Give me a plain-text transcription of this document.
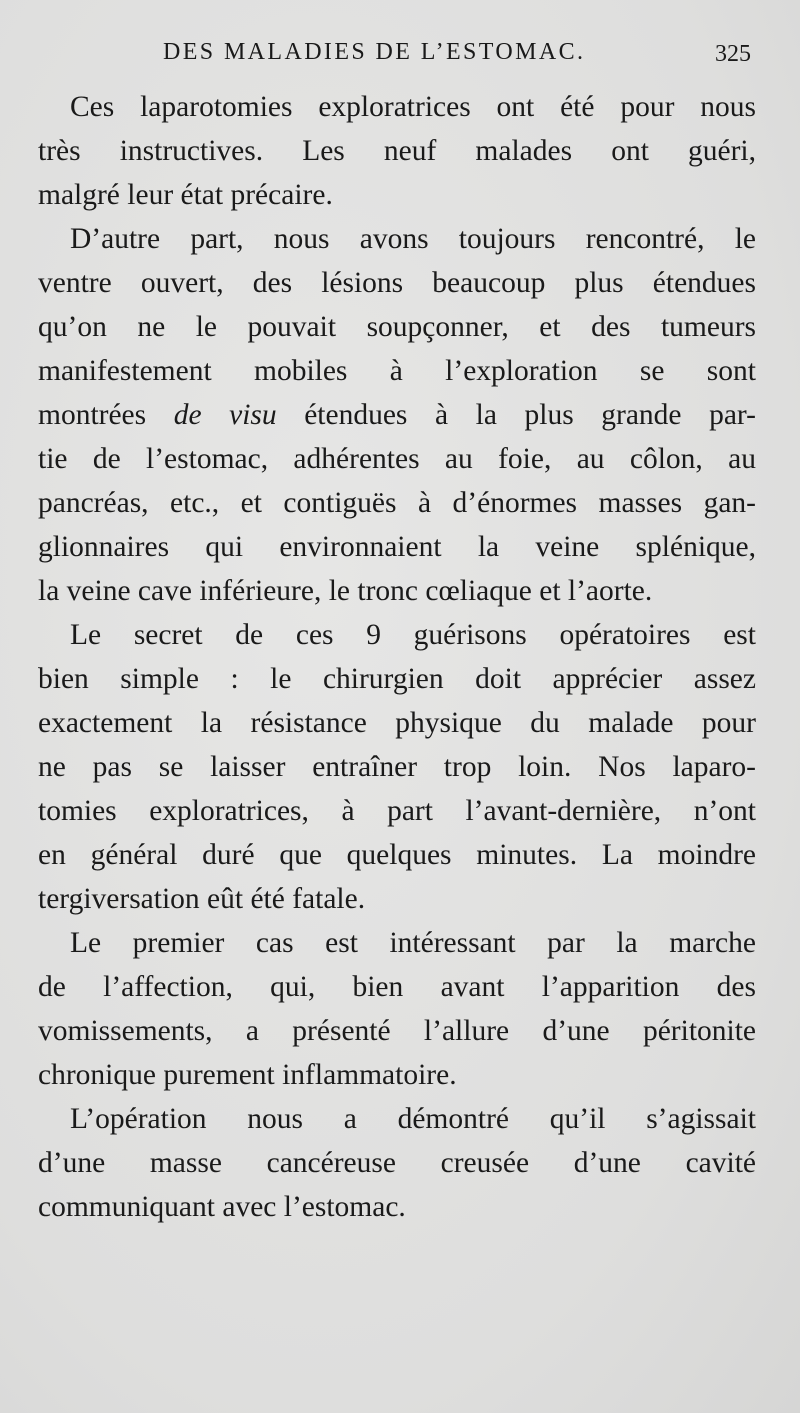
DES MALADIES DE L’ESTOMAC.	325
Ces laparotomies exploratrices ont été pour nous
très instructives. Les neuf malades ont guéri,
malgré leur état précaire.
D’autre part, nous avons toujours rencontré, le
ventre ouvert, des lésions beaucoup plus étendues
qu’on ne le pouvait soupçonner, et des tumeurs
manifestement mobiles à l’exploration se sont
montrées de visu étendues à la plus grande par-
tie de l’estomac, adhérentes au foie, au côlon, au
pancréas, etc., et contiguës à d’énormes masses gan-
glionnaires qui environnaient la veine splénique,
la veine cave inférieure, le tronc cœliaque et l’aorte.
Le secret de ces 9 guérisons opératoires est
bien simple : le chirurgien doit apprécier assez
exactement la résistance physique du malade pour
ne pas se laisser entraîner trop loin. Nos laparo-
tomies exploratrices, à part l’avant-dernière, n’ont
en général duré que quelques minutes. La moindre
tergiversation eût été fatale.
Le premier cas est intéressant par la marche
de l’affection, qui, bien avant l’apparition des
vomissements, a présenté l’allure d’une péritonite
chronique purement inflammatoire.
L’opération nous a démontré qu’il s’agissait
d’une masse cancéreuse creusée d’une cavité
communiquant avec l’estomac.
